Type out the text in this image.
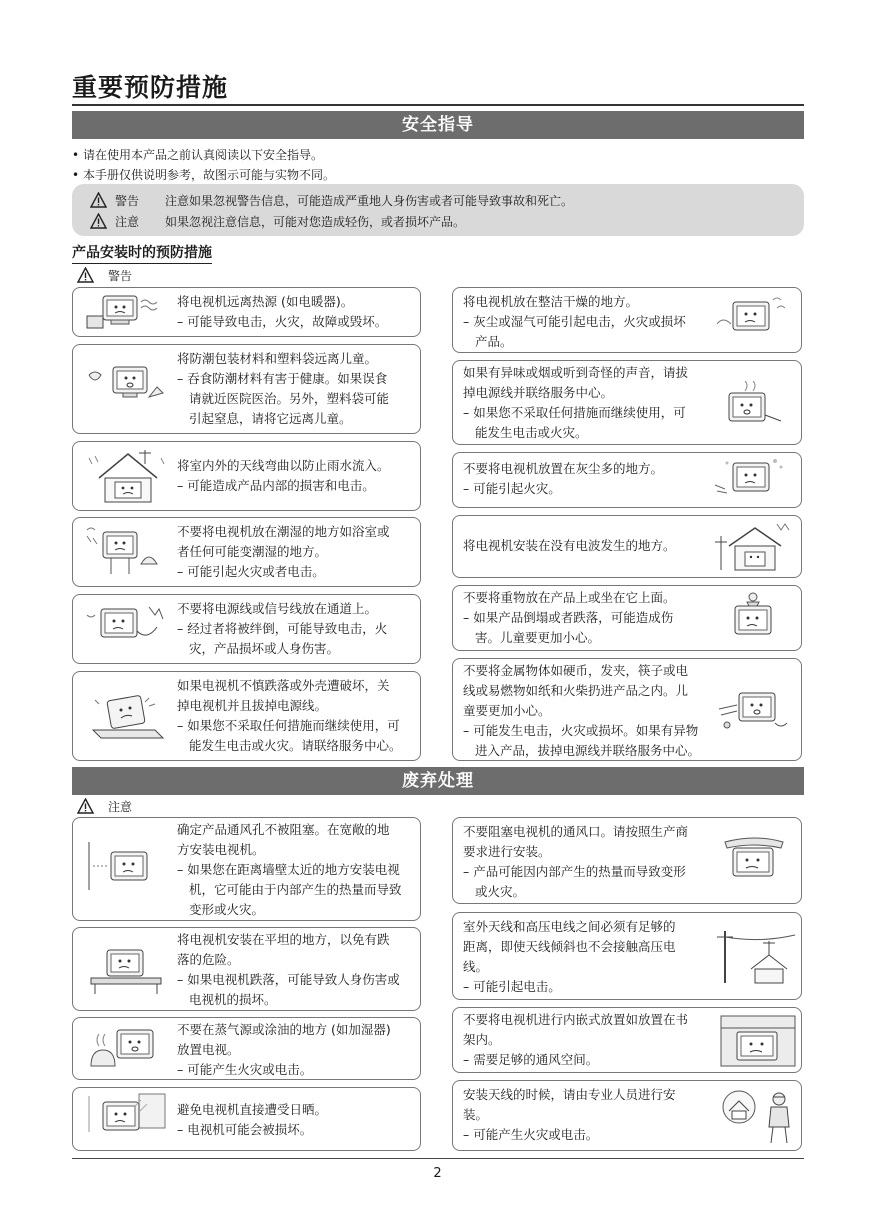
重要预防措施
安全指导
• 请在使用本产品之前认真阅读以下安全指导。
• 本手册仅供说明参考，故图示可能与实物不同。
警告	注意如果忽视警告信息，可能造成严重地人身伤害或者可能导致事故和死亡。
注意	如果忽视注意信息，可能对您造成轻伤，或者损坏产品。
产品安装时的预防措施
警告
将电视机远离热源 (如电暖器)。
– 可能导致电击，火灾，故障或毁坏。
将防潮包装材料和塑料袋远离儿童。
– 吞食防潮材料有害于健康。如果误食
请就近医院医治。另外，塑料袋可能
引起窒息，请将它远离儿童。
将室内外的天线弯曲以防止雨水流入。
– 可能造成产品内部的损害和电击。
不要将电视机放在潮湿的地方如浴室或
者任何可能变潮湿的地方。
– 可能引起火灾或者电击。
不要将电源线或信号线放在通道上。
– 经过者将被绊倒，可能导致电击，火
灾，产品损坏或人身伤害。
如果电视机不慎跌落或外壳遭破坏，关
掉电视机并且拔掉电源线。
– 如果您不采取任何措施而继续使用，可
能发生电击或火灾。请联络服务中心。
将电视机放在整洁干燥的地方。
– 灰尘或湿气可能引起电击，火灾或损坏
产品。
如果有异味或烟或听到奇怪的声音，请拔
掉电源线并联络服务中心。
– 如果您不采取任何措施而继续使用，可
能发生电击或火灾。
不要将电视机放置在灰尘多的地方。
– 可能引起火灾。
将电视机安装在没有电波发生的地方。
不要将重物放在产品上或坐在它上面。
– 如果产品倒塌或者跌落，可能造成伤
害。儿童要更加小心。
不要将金属物体如硬币，发夹，筷子或电
线或易燃物如纸和火柴扔进产品之内。儿
童要更加小心。
– 可能发生电击，火灾或损坏。如果有异物
进入产品，拔掉电源线并联络服务中心。
废弃处理
注意
确定产品通风孔不被阻塞。在宽敞的地
方安装电视机。
– 如果您在距离墙壁太近的地方安装电视
机，它可能由于内部产生的热量而导致
变形或火灾。
将电视机安装在平坦的地方，以免有跌
落的危险。
– 如果电视机跌落，可能导致人身伤害或
电视机的损坏。
不要在蒸气源或涂油的地方 (如加湿器)
放置电视。
– 可能产生火灾或电击。
避免电视机直接遭受日晒。
– 电视机可能会被损坏。
不要阻塞电视机的通风口。请按照生产商
要求进行安装。
– 产品可能因内部产生的热量而导致变形
或火灾。
室外天线和高压电线之间必须有足够的
距离，即使天线倾斜也不会接触高压电
线。
– 可能引起电击。
不要将电视机进行内嵌式放置如放置在书
架内。
– 需要足够的通风空间。
安装天线的时候，请由专业人员进行安
装。
– 可能产生火灾或电击。
2
